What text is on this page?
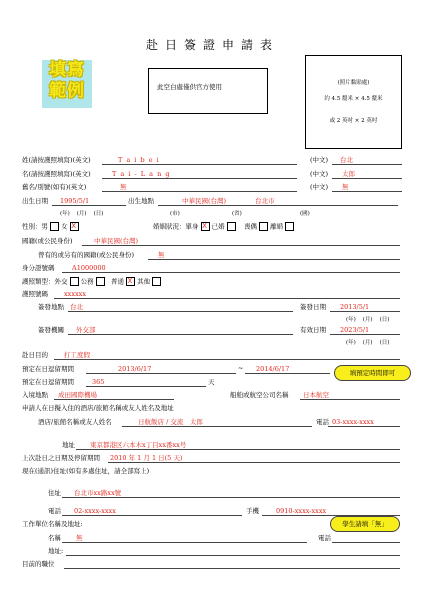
赴日簽證申請表
填寫
範例	此空白處僅供官方使用	(照片黏貼處)
約 4.5 釐米 × 4.5 釐米
或 2 英吋 × 2 英吋
姓(請按護照填寫)(英文)	T a i b e i	(中文) 台北
名(請按護照填寫)(英文)	T a i - L a n g	(中文) 太郎
舊名/別號(如有)(英文)	無	(中文) 無
出生日期 1995/5/1	出生地點	中華民國(台灣)	台北市
(年)    (月)    (日)	(市)	(省)	(國)
性別：男 女 X	婚姻狀況：單身 X 已婚	喪偶 離婚
國籍(或公民身份)	中華民國(台灣)
曾有的或另有的國籍(或公民身份)	無
身分證號碼	A1000000
護照類型：外交 公務	普通 X 其他
護照號碼 xxxxxx
簽發地點 台北	簽發日期 2013/5/1
(年)    (月)    (日)
簽發機關 外交部	有效日期 2023/5/1
(年)    (月)    (日)
赴日目的 打工度假
預定在日逗留期間	2013/6/17	~ 2014/6/17	填預定時間即可
預定在日逗留期間	365	天
入境地點 成田國際機場	船舶或航空公司名稱 日本航空
申請人在日擬入住的酒店/旅館名稱或友人姓名及地址
酒店/旅館名稱或友人姓名	日航飯店 / 交流　太郎	電話 03-xxxx-xxxx
地址 東京都港区六本木x丁目xx番xx号
上次赴日之日期及停留期間 2010 年 1 月 1 日(5 天)
現在(通訊)住址(如有多處住址，請全部寫上)
住址 台北市xx路xx號
電話 02-xxxx-xxxx	手機	0910-xxxx-xxxx
工作單位名稱及地址:	學生請填「無」
名稱 無	電話
地址:
目前的職位
